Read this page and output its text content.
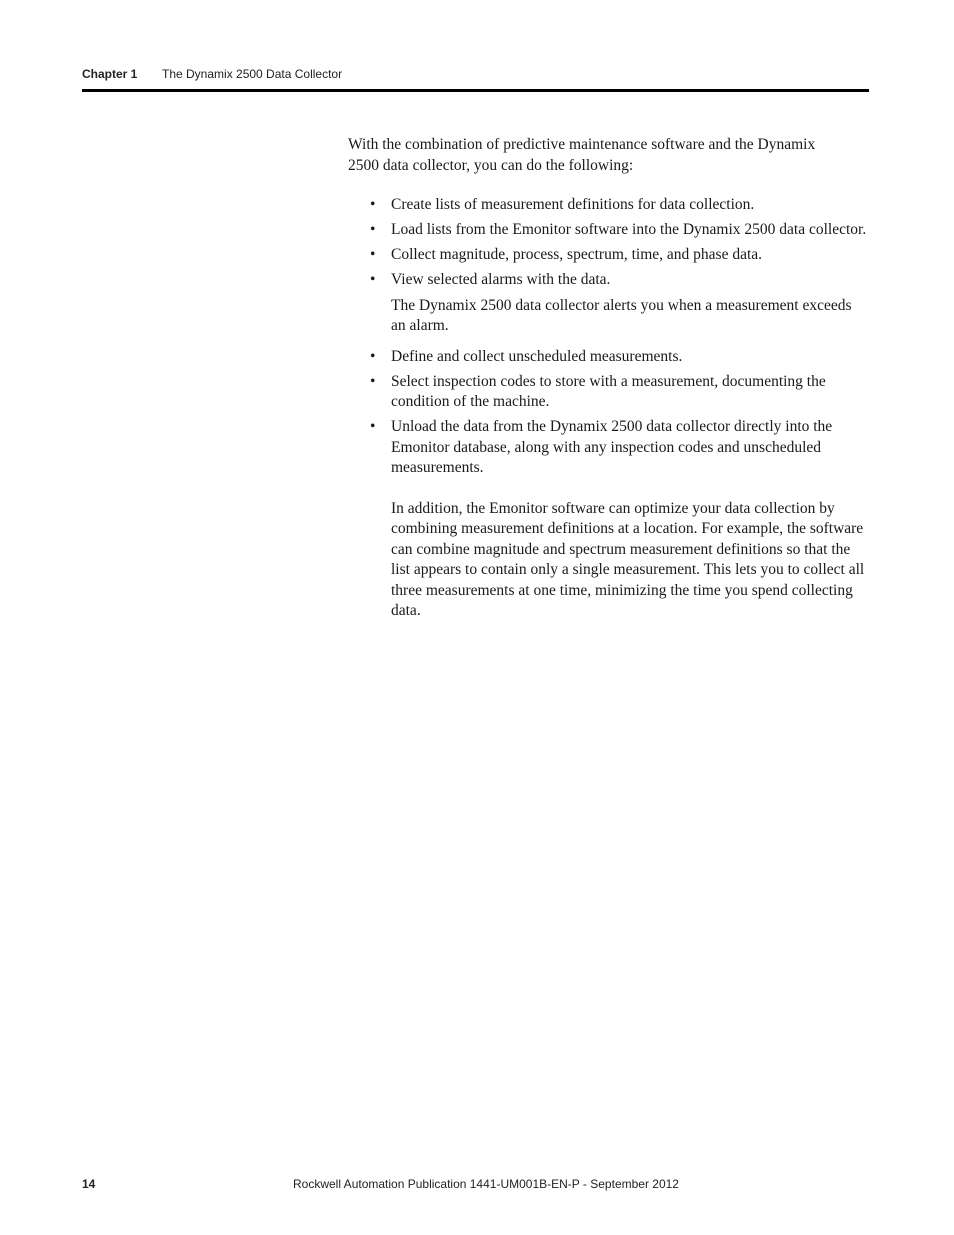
Chapter 1 The Dynamix 2500 Data Collector

With the combination of predictive maintenance software and the Dynamix 2500 data collector, you can do the following:

• Create lists of measurement definitions for data collection.
• Load lists from the Emonitor software into the Dynamix 2500 data collector.
• Collect magnitude, process, spectrum, time, and phase data.
• View selected alarms with the data.

The Dynamix 2500 data collector alerts you when a measurement exceeds an alarm.

• Define and collect unscheduled measurements.
• Select inspection codes to store with a measurement, documenting the condition of the machine.
• Unload the data from the Dynamix 2500 data collector directly into the Emonitor database, along with any inspection codes and unscheduled measurements.

In addition, the Emonitor software can optimize your data collection by combining measurement definitions at a location. For example, the software can combine magnitude and spectrum measurement definitions so that the list appears to contain only a single measurement. This lets you to collect all three measurements at one time, minimizing the time you spend collecting data.

14	Rockwell Automation Publication 1441-UM001B-EN-P - September 2012
